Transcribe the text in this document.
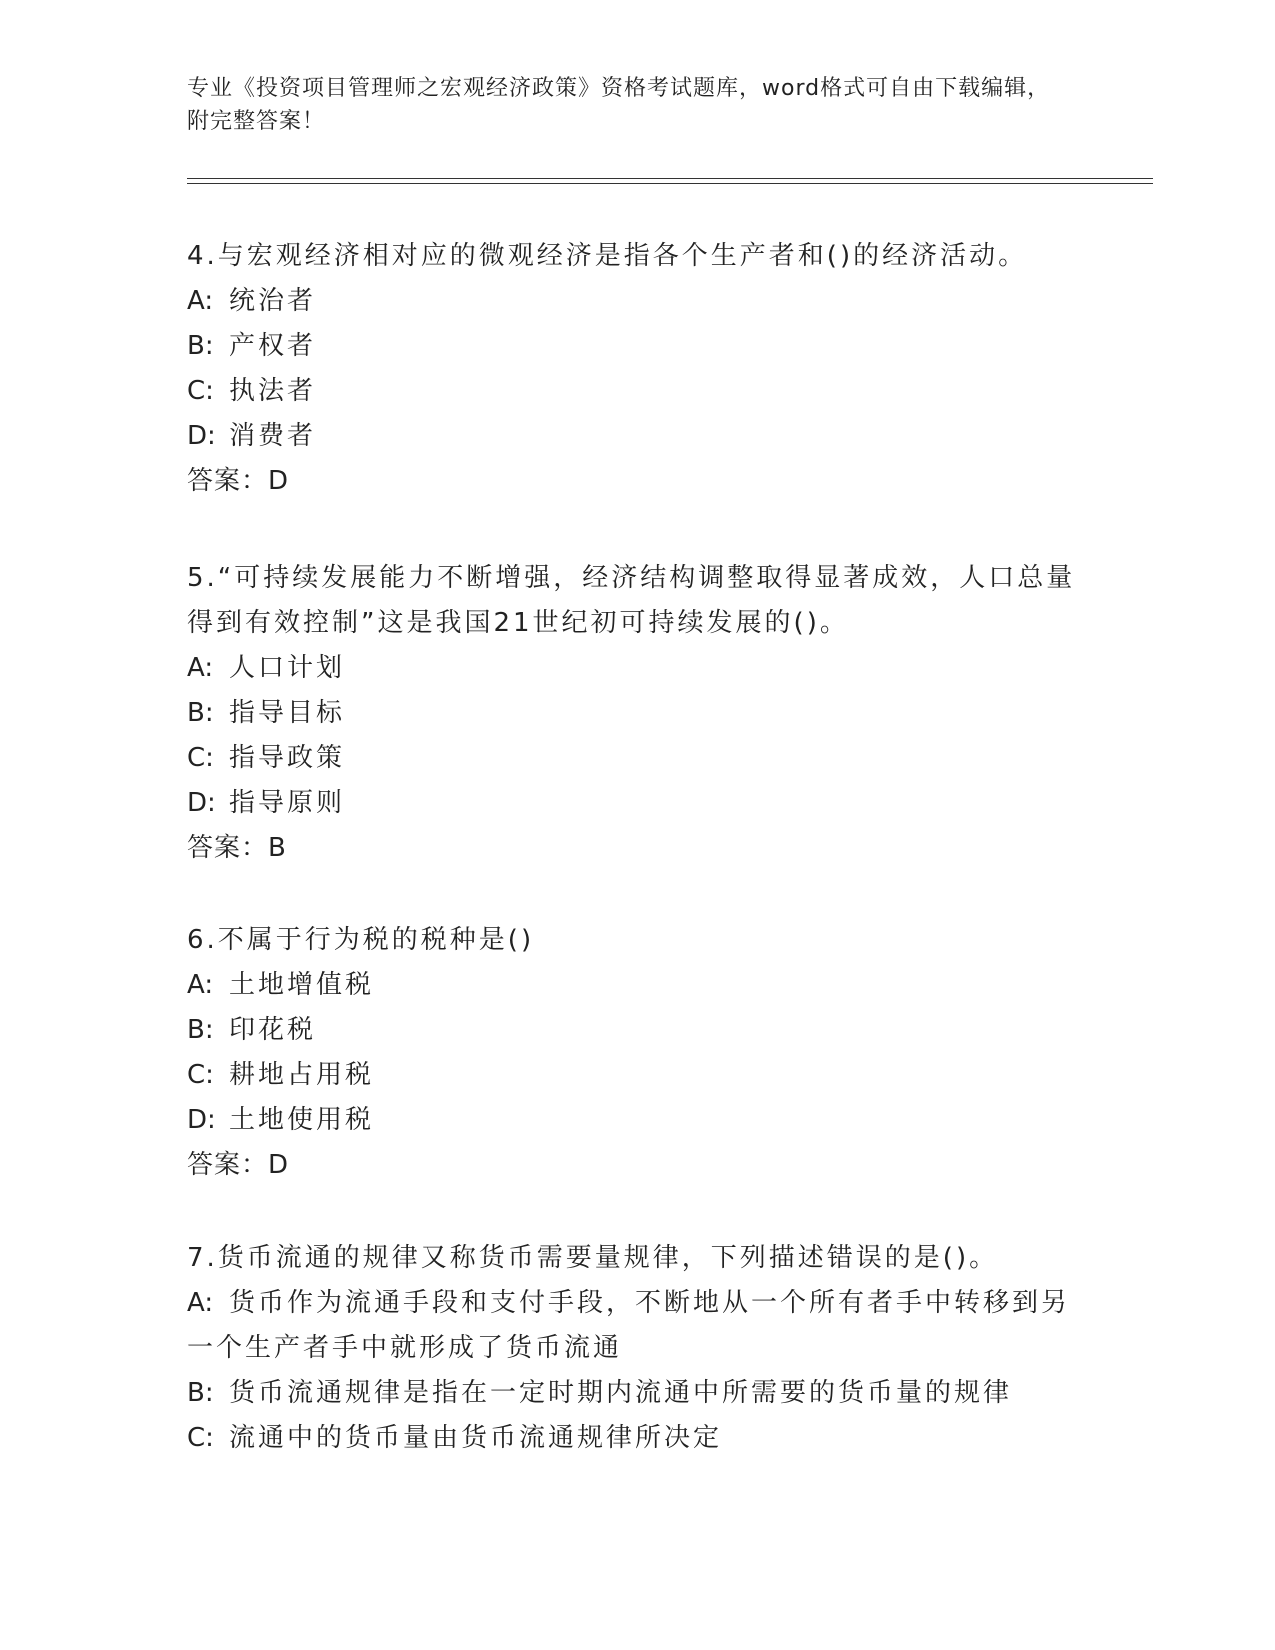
专业《投资项目管理师之宏观经济政策》资格考试题库，word格式可自由下载编辑，附完整答案！

4.与宏观经济相对应的微观经济是指各个生产者和()的经济活动。

A: 统治者

B: 产权者

C: 执法者

D: 消费者

答案：D

5.“可持续发展能力不断增强，经济结构调整取得显著成效，人口总量得到有效控制”这是我国21世纪初可持续发展的()。

A: 人口计划

B: 指导目标

C: 指导政策

D: 指导原则

答案：B

6.不属于行为税的税种是()

A: 土地增值税

B: 印花税

C: 耕地占用税

D: 土地使用税

答案：D

7.货币流通的规律又称货币需要量规律，下列描述错误的是()。

A: 货币作为流通手段和支付手段，不断地从一个所有者手中转移到另一个生产者手中就形成了货币流通

B: 货币流通规律是指在一定时期内流通中所需要的货币量的规律

C: 流通中的货币量由货币流通规律所决定
